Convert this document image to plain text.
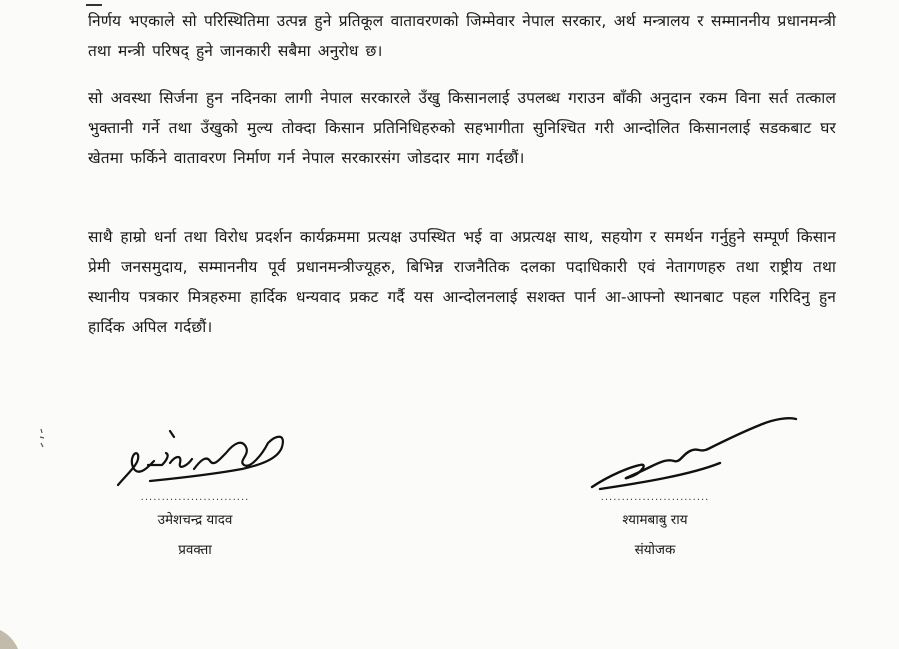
निर्णय भएकाले सो परिस्थितिमा उत्पन्न हुने प्रतिकूल वातावरणको जिम्मेवार नेपाल सरकार, अर्थ मन्त्रालय र सम्माननीय प्रधानमन्त्री तथा मन्त्री परिषद् हुने जानकारी सबैमा अनुरोध छ।

सो अवस्था सिर्जना हुन नदिनका लागी नेपाल सरकारले उँखु किसानलाई उपलब्ध गराउन बाँकी अनुदान रकम विना सर्त तत्काल भुक्तानी गर्ने तथा उँखुको मुल्य तोक्दा किसान प्रतिनिधिहरुको सहभागीता सुनिश्चित गरी आन्दोलित किसानलाई सडकबाट घर खेतमा फर्किने वातावरण निर्माण गर्न नेपाल सरकारसंग जोडदार माग गर्दछौं।

साथै हाम्रो धर्ना तथा विरोध प्रदर्शन कार्यक्रममा प्रत्यक्ष उपस्थित भई वा अप्रत्यक्ष साथ, सहयोग र समर्थन गर्नुहुने सम्पूर्ण किसान प्रेमी जनसमुदाय, सम्माननीय पूर्व प्रधानमन्त्रीज्यूहरु, बिभिन्न राजनैतिक दलका पदाधिकारी एवं नेतागणहरु तथा राष्ट्रीय तथा स्थानीय पत्रकार मित्रहरुमा हार्दिक धन्यवाद प्रकट गर्दै यस आन्दोलनलाई सशक्त पार्न आ-आफ्नो स्थानबाट पहल गरिदिनु हुन हार्दिक अपिल गर्दछौं।

..........................
उमेशचन्द्र यादव
प्रवक्ता
..........................
श्यामबाबु राय
संयोजक
